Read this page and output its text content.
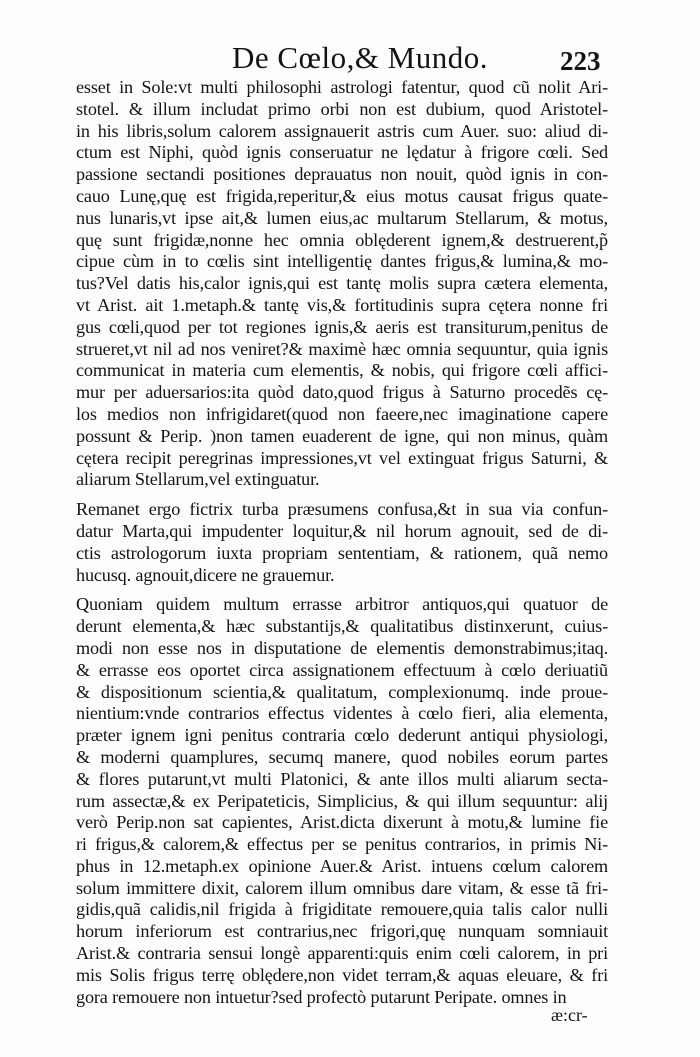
De Cœlo,& Mundo.	223
esset in Sole:vt multi philosophi astrologi fatentur, quod cũ nolit Ari-
stotel. & illum includat primo orbi non est dubium, quod Aristotel-
in his libris,solum calorem assignauerit astris cum Auer. suo: aliud di-
ctum est Niphi, quòd ignis conseruatur ne lędatur à frigore cœli. Sed
passione sectandi positiones deprauatus non nouit, quòd ignis in con-
cauo Lunę,quę est frigida,reperitur,& eius motus causat frigus quate-
nus lunaris,vt ipse ait,& lumen eius,ac multarum Stellarum, & motus,
quę sunt frigidæ,nonne hec omnia oblęderent ignem,& destruerent,p̃
cipue cùm in to cœlis sint intelligentię dantes frigus,& lumina,& mo-
tus?Vel datis his,calor ignis,qui est tantę molis supra cætera elementa,
vt Arist. ait 1.metaph.& tantę vis,& fortitudinis supra cętera nonne fri
gus cœli,quod per tot regiones ignis,& aeris est transiturum,penitus de
strueret,vt nil ad nos veniret?& maximè hæc omnia sequuntur, quia ignis
communicat in materia cum elementis, & nobis, qui frigore cœli affici-
mur per aduersarios:ita quòd dato,quod frigus à Saturno procedẽs cę-
los medios non infrigidaret(quod non faeere,nec imaginatione capere
possunt & Perip. )non tamen euaderent de igne, qui non minus, quàm
cętera recipit peregrinas impressiones,vt vel extinguat frigus Saturni, &
aliarum Stellarum,vel extinguatur.
Remanet ergo fictrix turba præsumens confusa,&t in sua via confun-
datur Marta,qui impudenter loquitur,& nil horum agnouit, sed de di-
ctis astrologorum iuxta propriam sententiam, & rationem, quã nemo
hucusq. agnouit,dicere ne grauemur.
Quoniam quidem multum errasse arbitror antiquos,qui quatuor de
derunt elementa,& hæc substantijs,& qualitatibus distinxerunt, cuius-
modi non esse nos in disputatione de elementis demonstrabimus;itaq.
& errasse eos oportet circa assignationem effectuum à cœlo deriuatiũ
& dispositionum scientia,& qualitatum, complexionumq. inde proue-
nientium:vnde contrarios effectus videntes à cœlo fieri, alia elementa,
præter ignem igni penitus contraria cœlo dederunt antiqui physiologi,
& moderni quamplures, secumq manere, quod nobiles eorum partes
& flores putarunt,vt multi Platonici, & ante illos multi aliarum secta-
rum assectæ,& ex Peripateticis, Simplicius, & qui illum sequuntur: alij
verò Perip.non sat capientes, Arist.dicta dixerunt à motu,& lumine fie
ri frigus,& calorem,& effectus per se penitus contrarios, in primis Ni-
phus in 12.metaph.ex opinione Auer.& Arist. intuens cœlum calorem
solum immittere dixit, calorem illum omnibus dare vitam, & esse tã fri-
gidis,quã calidis,nil frigida à frigiditate remouere,quia talis calor nulli
horum inferiorum est contrarius,nec frigori,quę nunquam somniauit
Arist.& contraria sensui longè apparenti:quis enim cœli calorem, in pri
mis Solis frigus terrę oblędere,non videt terram,& aquas eleuare, & fri
gora remouere non intuetur?sed profectò putarunt Peripate. omnes in
æ:cr-
